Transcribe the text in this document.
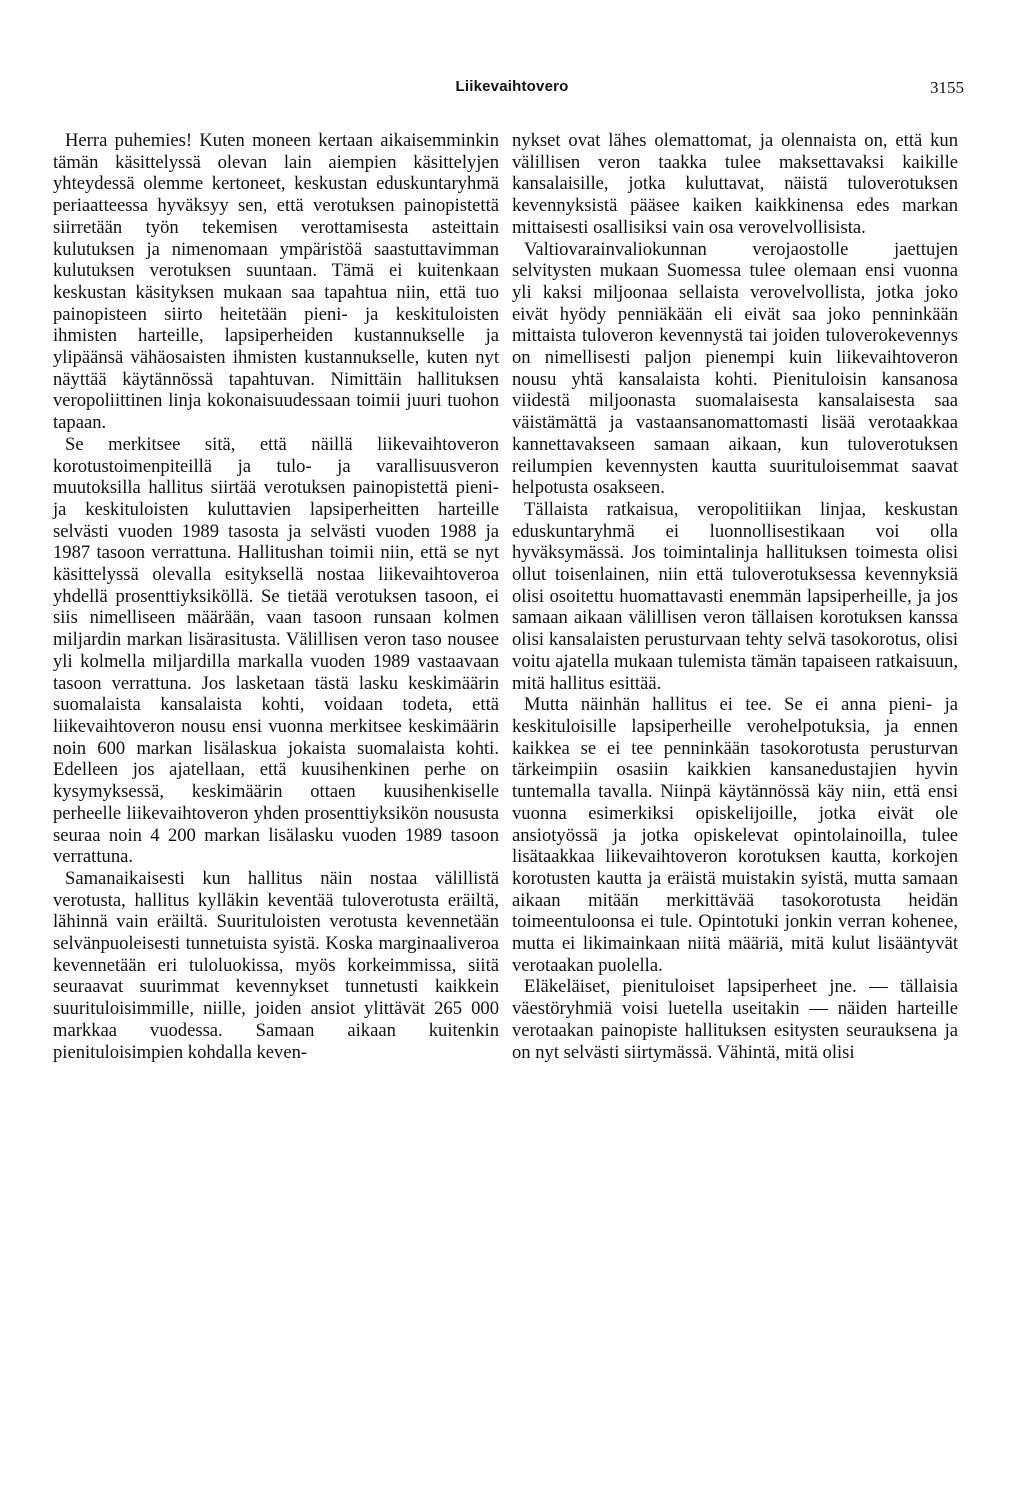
Liikevaihtovero	3155

Herra puhemies! Kuten moneen kertaan aikaisemminkin tämän käsittelyssä olevan lain aiempien käsittelyjen yhteydessä olemme kertoneet, keskustan eduskuntaryhmä periaatteessa hyväksyy sen, että verotuksen painopistettä siirretään työn tekemisen verottamisesta asteittain kulutuksen ja nimenomaan ympäristöä saastuttavimman kulutuksen verotuksen suuntaan. Tämä ei kuitenkaan keskustan käsityksen mukaan saa tapahtua niin, että tuo painopisteen siirto heitetään pieni- ja keskituloisten ihmisten harteille, lapsiperheiden kustannukselle ja ylipäänsä vähäosaisten ihmisten kustannukselle, kuten nyt näyttää käytännössä tapahtuvan. Nimittäin hallituksen veropoliittinen linja kokonaisuudessaan toimii juuri tuohon tapaan.

Se merkitsee sitä, että näillä liikevaihtoveron korotustoimenpiteillä ja tulo- ja varallisuusveron muutoksilla hallitus siirtää verotuksen painopistettä pieni- ja keskituloisten kuluttavien lapsiperheitten harteille selvästi vuoden 1989 tasosta ja selvästi vuoden 1988 ja 1987 tasoon verrattuna. Hallitushan toimii niin, että se nyt käsittelyssä olevalla esityksellä nostaa liikevaihtoveroa yhdellä prosenttiyksiköllä. Se tietää verotuksen tasoon, ei siis nimelliseen määrään, vaan tasoon runsaan kolmen miljardin markan lisärasitusta. Välillisen veron taso nousee yli kolmella miljardilla markalla vuoden 1989 vastaavaan tasoon verrattuna. Jos lasketaan tästä lasku keskimäärin suomalaista kansalaista kohti, voidaan todeta, että liikevaihtoveron nousu ensi vuonna merkitsee keskimäärin noin 600 markan lisälaskua jokaista suomalaista kohti. Edelleen jos ajatellaan, että kuusihenkinen perhe on kysymyksessä, keskimäärin ottaen kuusihenkiselle perheelle liikevaihtoveron yhden prosenttiyksikön noususta seuraa noin 4 200 markan lisälasku vuoden 1989 tasoon verrattuna.

Samanaikaisesti kun hallitus näin nostaa välillistä verotusta, hallitus kylläkin keventää tuloverotusta eräiltä, lähinnä vain eräiltä. Suurituloisten verotusta kevennetään selvänpuoleisesti tunnetuista syistä. Koska marginaaliveroa kevennetään eri tuloluokissa, myös korkeimmissa, siitä seuraavat suurimmat kevennykset tunnetusti kaikkein suurituloisimmille, niille, joiden ansiot ylittävät 265 000 markkaa vuodessa. Samaan aikaan kuitenkin pienituloisimpien kohdalla keven-

nykset ovat lähes olemattomat, ja olennaista on, että kun välillisen veron taakka tulee maksettavaksi kaikille kansalaisille, jotka kuluttavat, näistä tuloverotuksen kevennyksistä pääsee kaiken kaikkinensa edes markan mittaisesti osallisiksi vain osa verovelvollisista.

Valtiovarainvaliokunnan verojaostolle jaettujen selvitysten mukaan Suomessa tulee olemaan ensi vuonna yli kaksi miljoonaa sellaista verovelvollista, jotka joko eivät hyödy penniäkään eli eivät saa joko penninkään mittaista tuloveron kevennystä tai joiden tuloverokevennys on nimellisesti paljon pienempi kuin liikevaihtoveron nousu yhtä kansalaista kohti. Pienituloisin kansanosa viidestä miljoonasta suomalaisesta kansalaisesta saa väistämättä ja vastaansanomattomasti lisää verotaakkaa kannettavakseen samaan aikaan, kun tuloverotuksen reilumpien kevennysten kautta suurituloisemmat saavat helpotusta osakseen.

Tällaista ratkaisua, veropolitiikan linjaa, keskustan eduskuntaryhmä ei luonnollisestikaan voi olla hyväksymässä. Jos toimintalinja hallituksen toimesta olisi ollut toisenlainen, niin että tuloverotuksessa kevennyksiä olisi osoitettu huomattavasti enemmän lapsiperheille, ja jos samaan aikaan välillisen veron tällaisen korotuksen kanssa olisi kansalaisten perusturvaan tehty selvä tasokorotus, olisi voitu ajatella mukaan tulemista tämän tapaiseen ratkaisuun, mitä hallitus esittää.

Mutta näinhän hallitus ei tee. Se ei anna pieni- ja keskituloisille lapsiperheille verohelpotuksia, ja ennen kaikkea se ei tee penninkään tasokorotusta perusturvan tärkeimpiin osasiin kaikkien kansanedustajien hyvin tuntemalla tavalla. Niinpä käytännössä käy niin, että ensi vuonna esimerkiksi opiskelijoille, jotka eivät ole ansiotyössä ja jotka opiskelevat opintolainoilla, tulee lisätaakkaa liikevaihtoveron korotuksen kautta, korkojen korotusten kautta ja eräistä muistakin syistä, mutta samaan aikaan mitään merkittävää tasokorotusta heidän toimeentuloonsa ei tule. Opintotuki jonkin verran kohenee, mutta ei likimainkaan niitä määriä, mitä kulut lisääntyvät verotaakan puolella.

Eläkeläiset, pienituloiset lapsiperheet jne. — tällaisia väestöryhmiä voisi luetella useitakin — näiden harteille verotaakan painopiste hallituksen esitysten seurauksena ja on nyt selvästi siirtymässä. Vähintä, mitä olisi
